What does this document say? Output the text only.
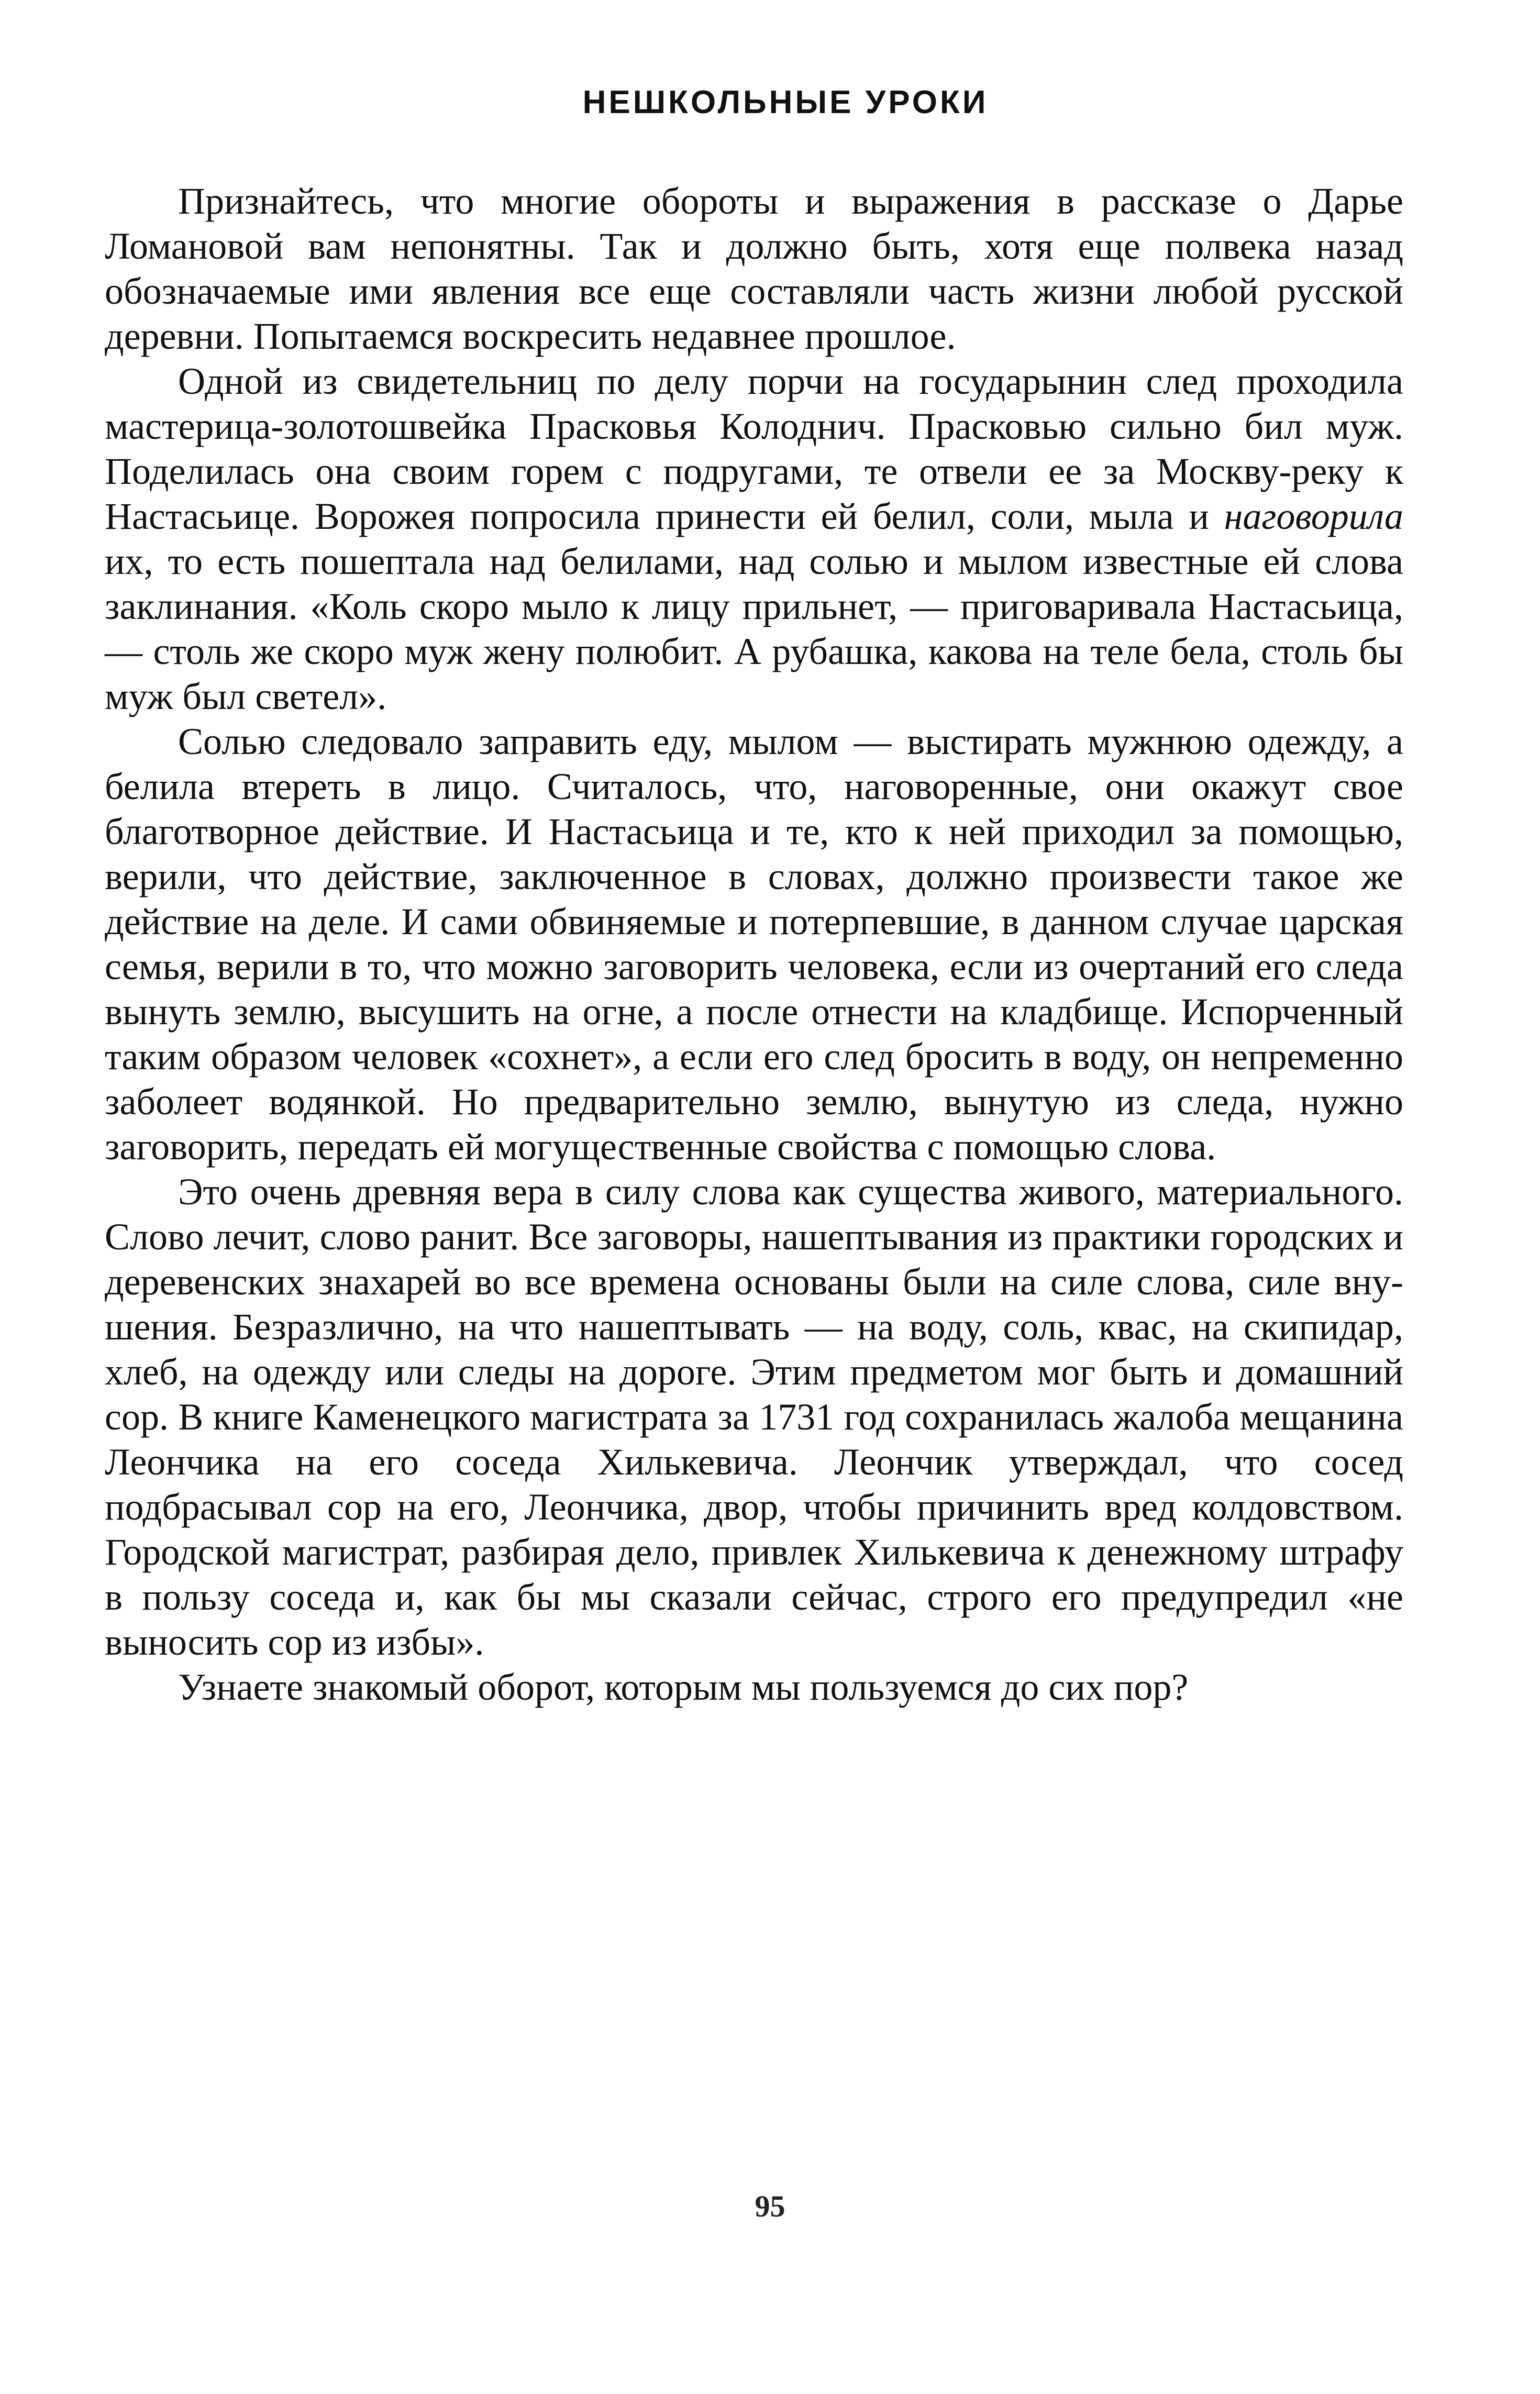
НЕШКОЛЬНЫЕ УРОКИ

Признайтесь, что многие обороты и выражения в рассказе о Дарье Ломановой вам непонятны. Так и должно быть, хотя еще полвека назад обозначаемые ими явления все еще составляли часть жизни любой русской деревни. Попытаемся воскресить недавнее прошлое.

Одной из свидетельниц по делу порчи на государынин след проходила мастерица-золотошвейка Прасковья Колоднич. Прасковью сильно бил муж. Поделилась она своим горем с подругами, те отвели ее за Москву-реку к Настасьице. Ворожея попросила принести ей белил, соли, мыла и наговорила их, то есть пошептала над белилами, над солью и мылом известные ей слова заклинания. «Коль скоро мыло к лицу прильнет, — приговаривала Настасьица, — столь же скоро муж жену полюбит. А рубашка, какова на теле бела, столь бы муж был светел».

Солью следовало заправить еду, мылом — выстирать мужнюю одежду, а белила втереть в лицо. Считалось, что, наговоренные, они окажут свое благотворное действие. И Настасьица и те, кто к ней приходил за помощью, верили, что действие, заключенное в словах, должно произвести такое же действие на деле. И сами обвиняемые и потерпевшие, в данном случае царская семья, верили в то, что можно заговорить человека, если из очертаний его следа вынуть землю, высушить на огне, а после отнести на кладбище. Испорченный таким образом человек «сохнет», а если его след бросить в воду, он непременно заболеет водянкой. Но предварительно землю, вынутую из следа, нужно заговорить, передать ей могущественные свойства с помощью слова.

Это очень древняя вера в силу слова как существа живого, материального. Слово лечит, слово ранит. Все заговоры, нашептывания из практики городских и деревенских знахарей во все времена основаны были на силе слова, силе внушения. Безразлично, на что нашептывать — на воду, соль, квас, на скипидар, хлеб, на одежду или следы на дороге. Этим предметом мог быть и домашний сор. В книге Каменецкого магистрата за 1731 год сохранилась жалоба мещанина Леончика на его соседа Хилькевича. Леончик утверждал, что сосед подбрасывал сор на его, Леончика, двор, чтобы причинить вред колдовством. Городской магистрат, разбирая дело, привлек Хилькевича к денежному штрафу в пользу соседа и, как бы мы сказали сейчас, строго его предупредил «не выносить сор из избы».

Узнаете знакомый оборот, которым мы пользуемся до сих пор?

95
